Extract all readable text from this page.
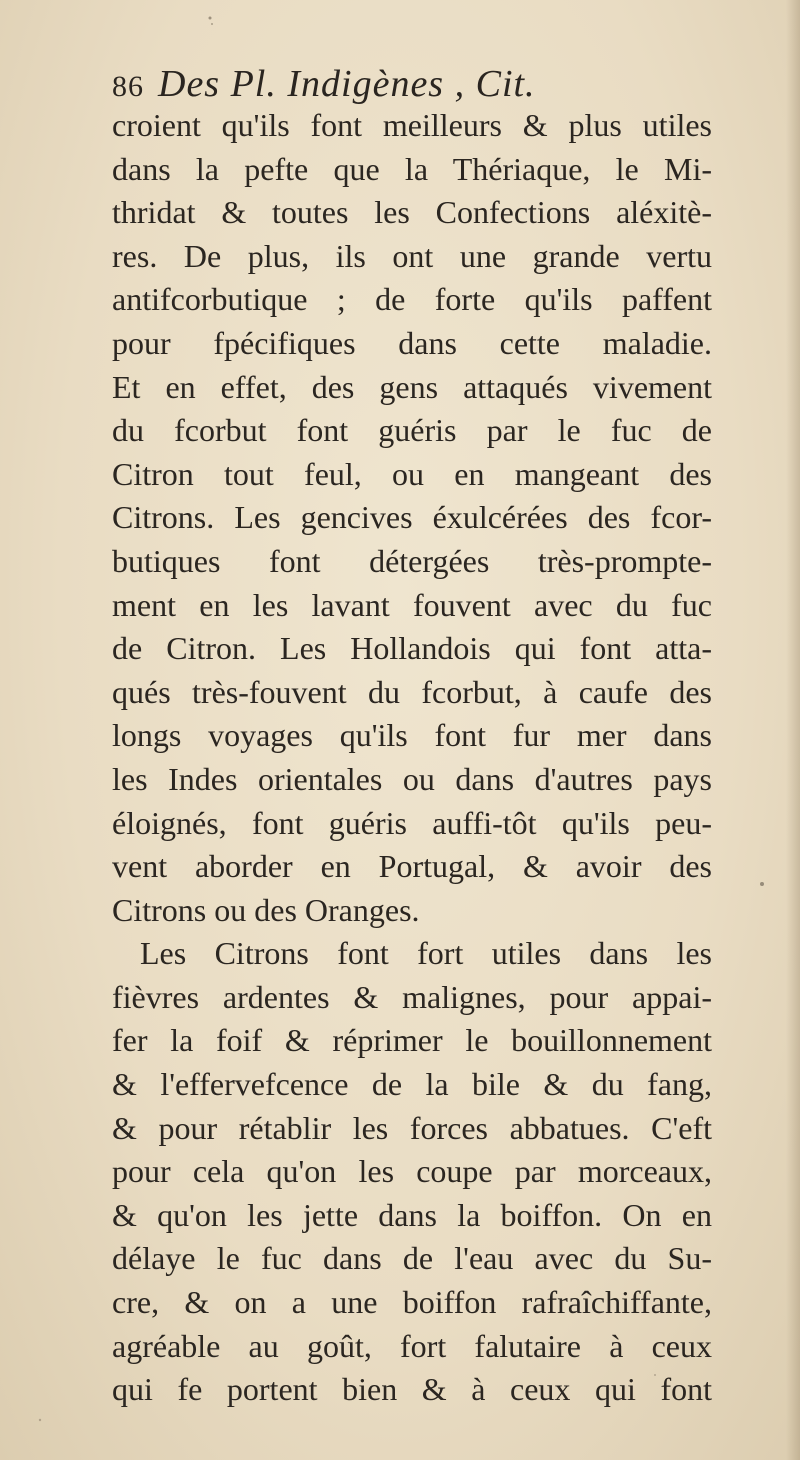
86 Des Pl. Indigènes , Cit.
croient qu'ils font meilleurs & plus utiles
dans la pefte que la Thériaque, le Mi-
thridat & toutes les Confections aléxitè-
res. De plus, ils ont une grande vertu
antifcorbutique ; de forte qu'ils paffent
pour fpécifiques dans cette maladie.
Et en effet, des gens attaqués vivement
du fcorbut font guéris par le fuc de
Citron tout feul, ou en mangeant des
Citrons. Les gencives éxulcérées des fcor-
butiques font détergées très-prompte-
ment en les lavant fouvent avec du fuc
de Citron. Les Hollandois qui font atta-
qués très-fouvent du fcorbut, à caufe des
longs voyages qu'ils font fur mer dans
les Indes orientales ou dans d'autres pays
éloignés, font guéris auffi-tôt qu'ils peu-
vent aborder en Portugal, & avoir des
Citrons ou des Oranges.
Les Citrons font fort utiles dans les
fièvres ardentes & malignes, pour appai-
fer la foif & réprimer le bouillonnement
& l'effervefcence de la bile & du fang,
& pour rétablir les forces abbatues. C'eft
pour cela qu'on les coupe par morceaux,
& qu'on les jette dans la boiffon. On en
délaye le fuc dans de l'eau avec du Su-
cre, & on a une boiffon rafraîchiffante,
agréable au goût, fort falutaire à ceux
qui fe portent bien & à ceux qui font
